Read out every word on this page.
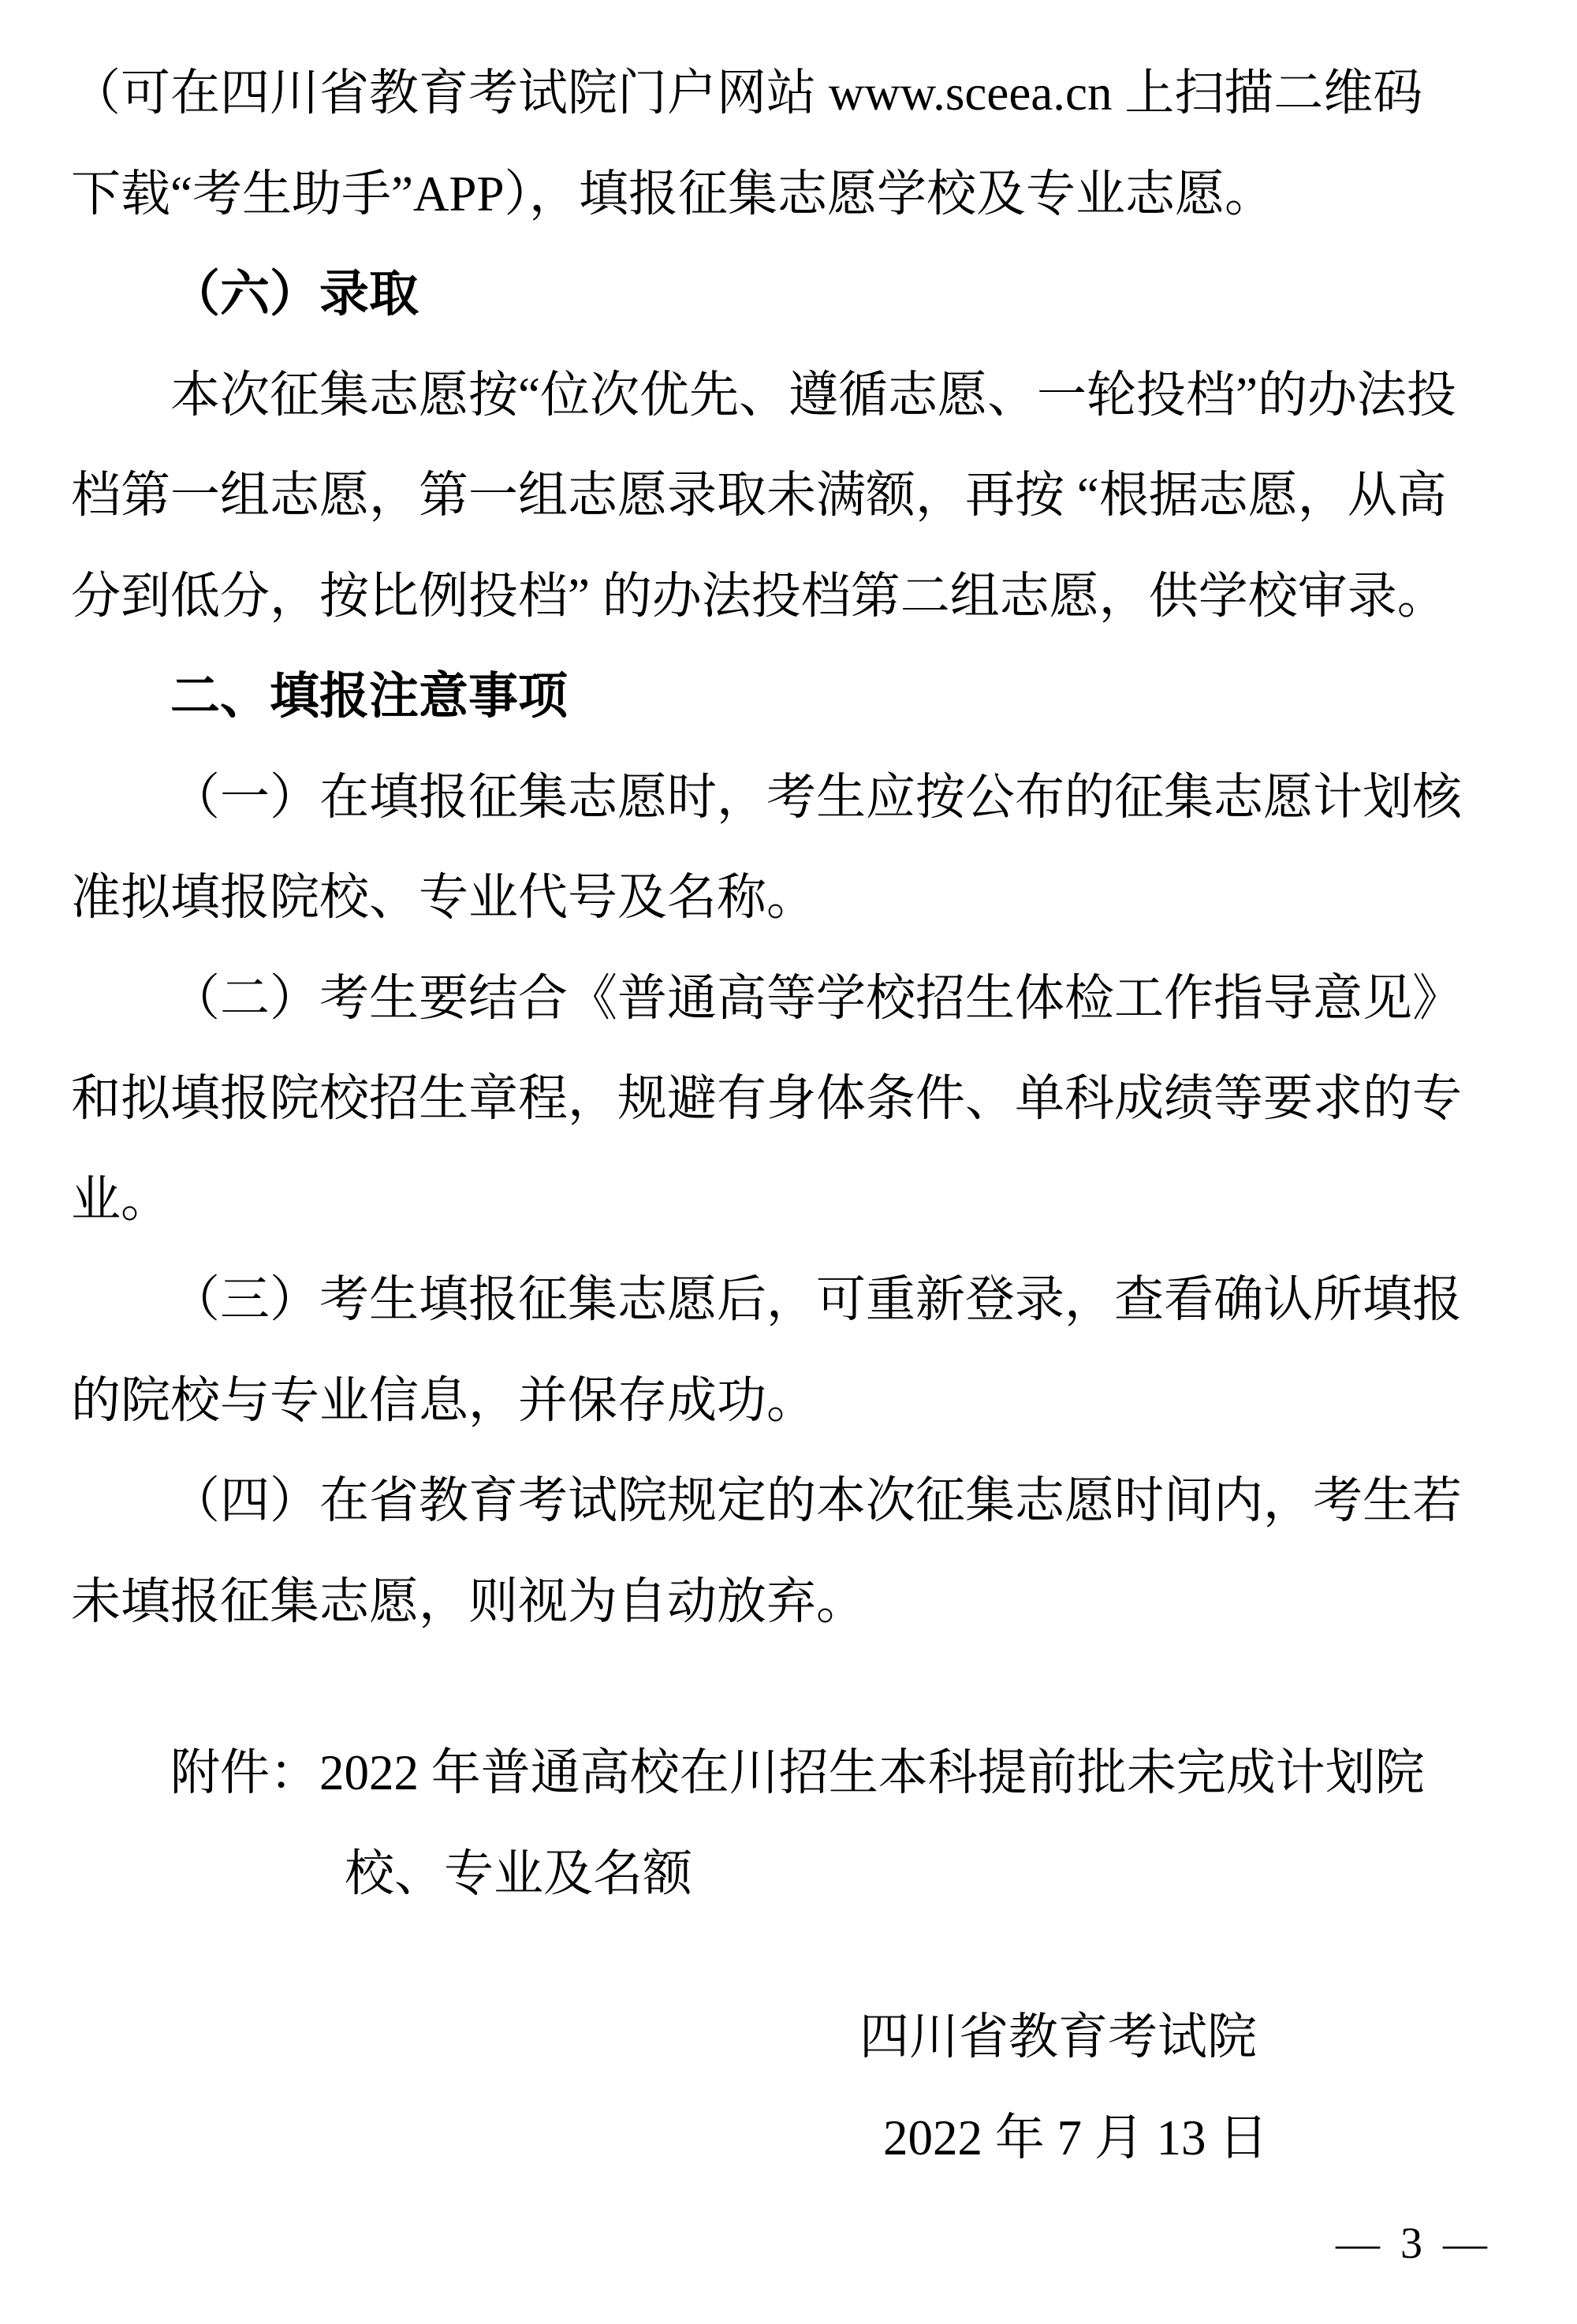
（可在四川省教育考试院门户网站 www.sceea.cn 上扫描二维码
下载“考生助手”APP），填报征集志愿学校及专业志愿。
（六）录取
本次征集志愿按“位次优先、遵循志愿、一轮投档”的办法投
档第一组志愿，第一组志愿录取未满额，再按 “根据志愿，从高
分到低分，按比例投档” 的办法投档第二组志愿，供学校审录。
二、填报注意事项
（一）在填报征集志愿时，考生应按公布的征集志愿计划核
准拟填报院校、专业代号及名称。
（二）考生要结合《普通高等学校招生体检工作指导意见》
和拟填报院校招生章程，规避有身体条件、单科成绩等要求的专
业。
（三）考生填报征集志愿后，可重新登录，查看确认所填报
的院校与专业信息，并保存成功。
（四）在省教育考试院规定的本次征集志愿时间内，考生若
未填报征集志愿，则视为自动放弃。
附件：2022 年普通高校在川招生本科提前批未完成计划院
校、专业及名额
四川省教育考试院
2022 年 7 月 13 日
— 3 —
